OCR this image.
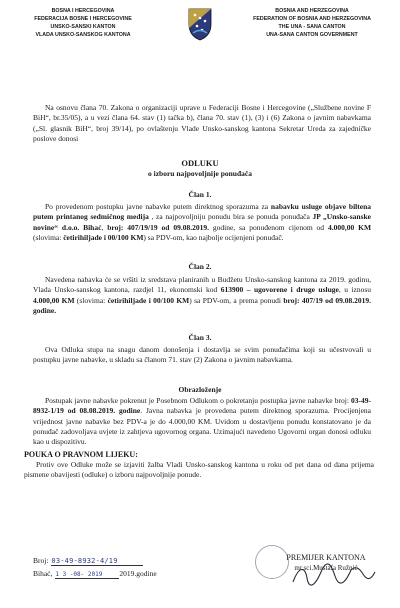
BOSNA I HERCEGOVINA
FEDERACIJA BOSNE I HERCEGOVINE
UNSKO-SANSKI KANTON
VLADA UNSKO-SANSKOG KANTONA
BOSNIA AND HERZEGOVINA
FEDERATION OF BOSNIA AND HERZEGOVINA
THE UNA - SANA CANTON
UNA-SANA CANTON GOVERNMENT
Na osnovu člana 70. Zakona o organizaciji uprave u Federaciji Bosne i Hercegovine („Službene novine F BiH“, br.35/05), a u vezi člana 64. stav (1) tačka b), člana 70. stav (1), (3) i (6) Zakona o javnim nabavkama („Sl. glasnik BiH“, broj 39/14), po ovlaštenju Vlade Unsko-sanskog kantona Sekretar Ureda za zajedničke poslove donosi
ODLUKU
o izboru najpovoljnije ponuđača
Član 1.
Po provedenom postupku javne nabavke putem direktnog sporazuma za nabavku usluge objave biltena putem printanog sedmičnog medija , za najpovoljniju ponudu bira se ponuda ponuđača JP „Unsko-sanske novine“ d.o.o. Bihać, broj: 407/19/19 od 09.08.2019. godine, sa ponuđenom cijenom od 4.000,00 KM (slovima: četirihiljade i 00/100 KM) sa PDV-om, kao najbolje ocijenjeni ponuđač.
Član 2.
Navedena nabavka će se vršiti iz sredstava planiranih u Budžetu Unsko-sanskog kantona za 2019. godinu, Vlada Unsko-sanskog kantona, razdjel 11, ekonomski kod 613900 – ugovorene i druge usluge, u iznosu 4.000,00 KM (slovima: četirihiljade i 00/100 KM) sa PDV-om, a prema ponudi broj: 407/19 od 09.08.2019. godine.
Član 3.
Ova Odluka stupa na snagu danom donošenja i dostavlja se svim ponuđačima koji su učestvovali u postupku javne nabavke, u skladu sa članom 71. stav (2) Zakona o javnim nabavkama.
Obrazloženje
Postupak javne nabavke pokrenut je Posebnom Odlukom o pokretanju postupka javne nabavke broj: 03-49-8932-1/19 od 08.08.2019. godine. Javna nabavka je provedena putem direktnog sporazuma. Procijenjena vrijednost javne nabavke bez PDV-a je do 4.000,00 KM. Uvidom u dostavljenu ponudu konstatovano je da ponuđač zadovoljava uvjete iz zahtjeva ugovornog organa. Uzimajući navedeno Ugovorni organ donosi odluku kao u dispozitivu.
POUKA O PRAVNOM LIJEKU:
Protiv ove Odluke može se izjaviti žalba Vladi Unsko-sanskog kantona u roku od pet dana od dana prijema pismene obavijesti (odluke) o izboru najpovoljnije ponude.
Broj: 03-49-8932-4/19
Bihać, 1 3 -08- 2019 2019.godine
PREMIJER KANTONA
mr.sci.Mustafa Ružnić
